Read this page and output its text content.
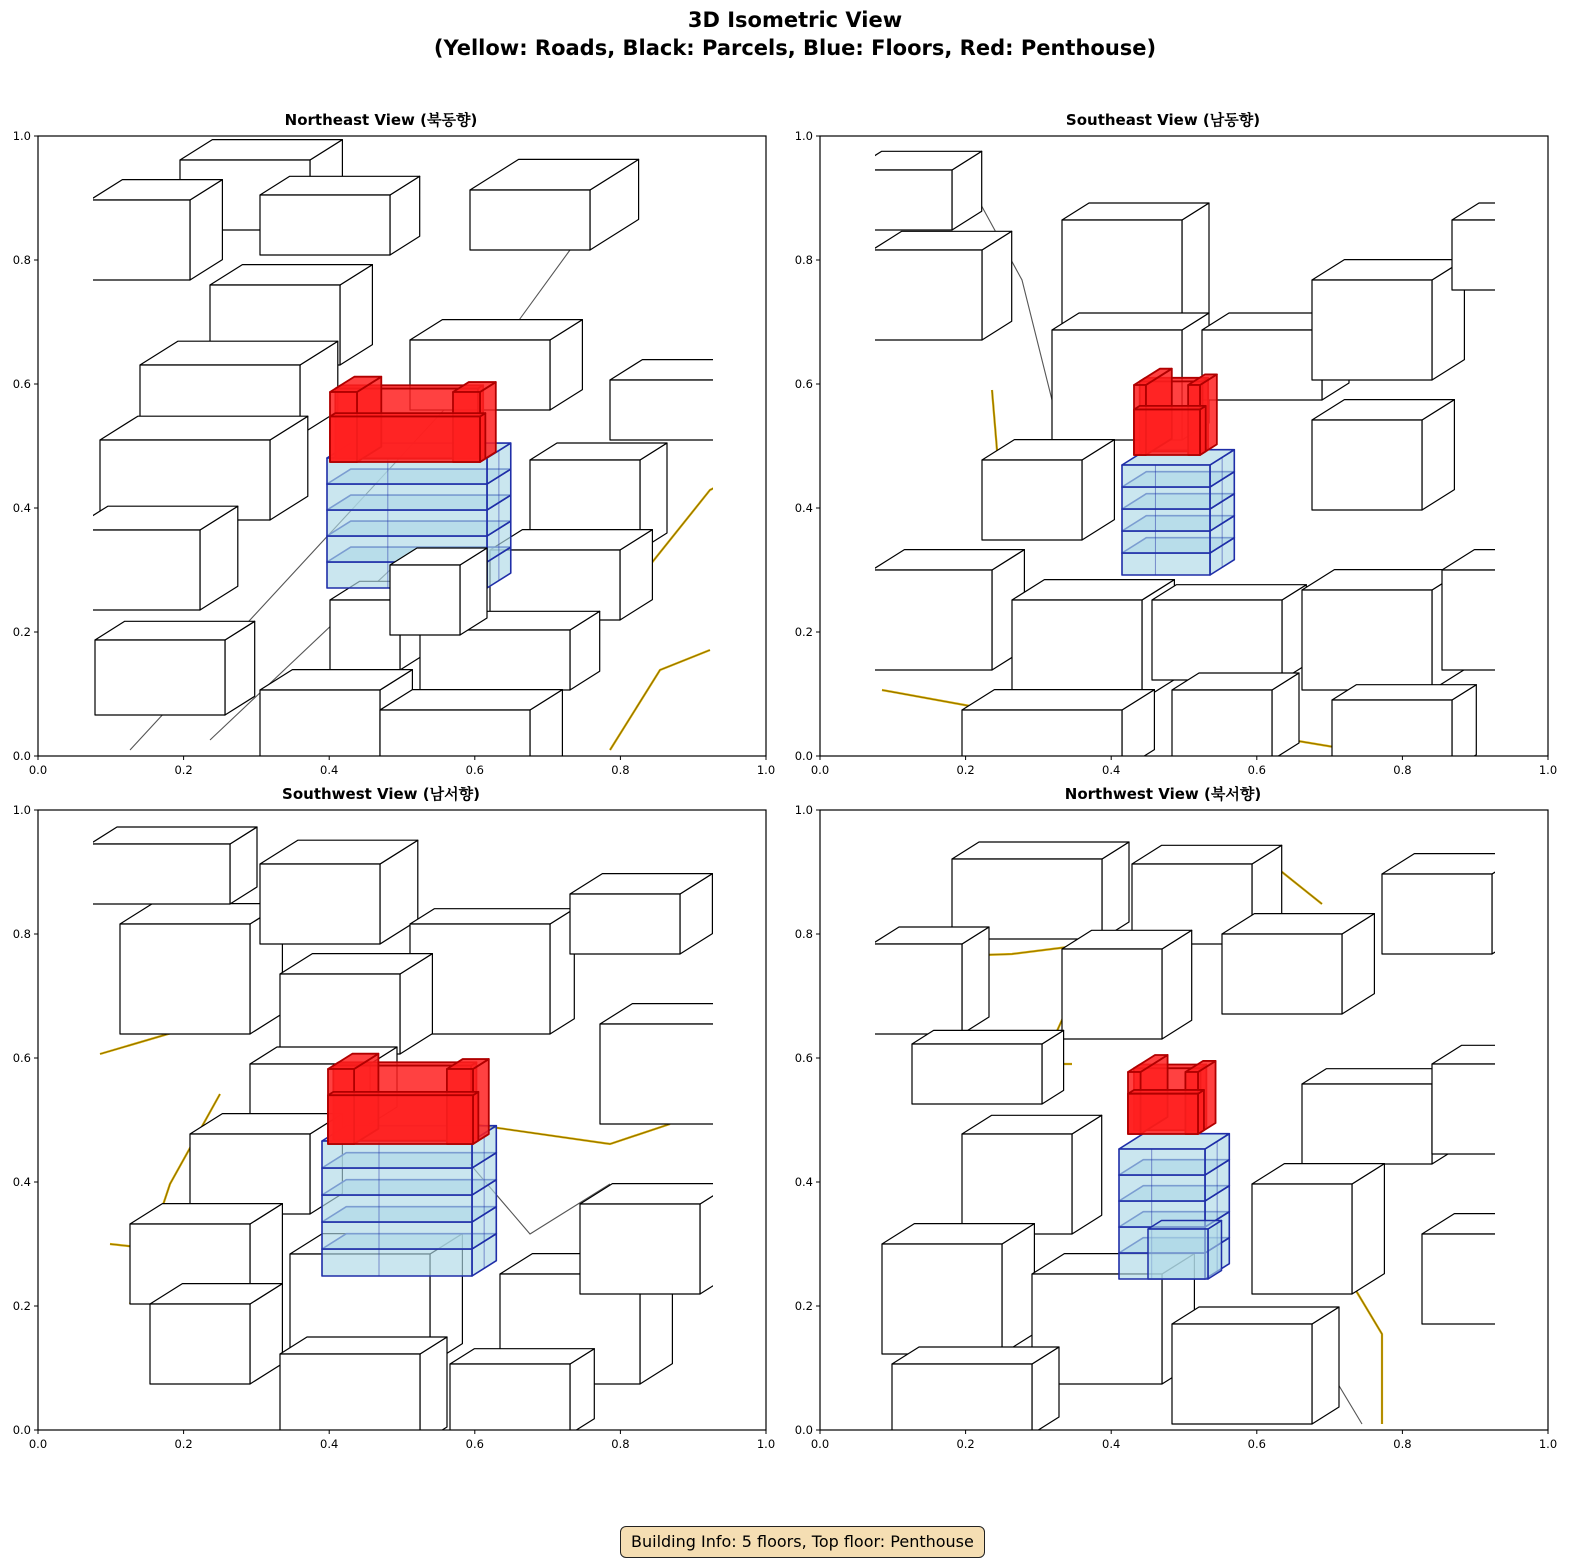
3D Isometric View
(Yellow: Roads, Black: Parcels, Blue: Floors, Red: Penthouse)
Northeast View (북동향)
0.0
0.0
0.2
0.2
0.4
0.4
0.6
0.6
0.8
0.8
1.0
1.0
Southeast View (남동향)
0.0
0.0
0.2
0.2
0.4
0.4
0.6
0.6
0.8
0.8
1.0
1.0
Southwest View (남서향)
0.0
0.0
0.2
0.2
0.4
0.4
0.6
0.6
0.8
0.8
1.0
1.0
Northwest View (북서향)
0.0
0.0
0.2
0.2
0.4
0.4
0.6
0.6
0.8
0.8
1.0
1.0
Building Info: 5 floors, Top floor: Penthouse
